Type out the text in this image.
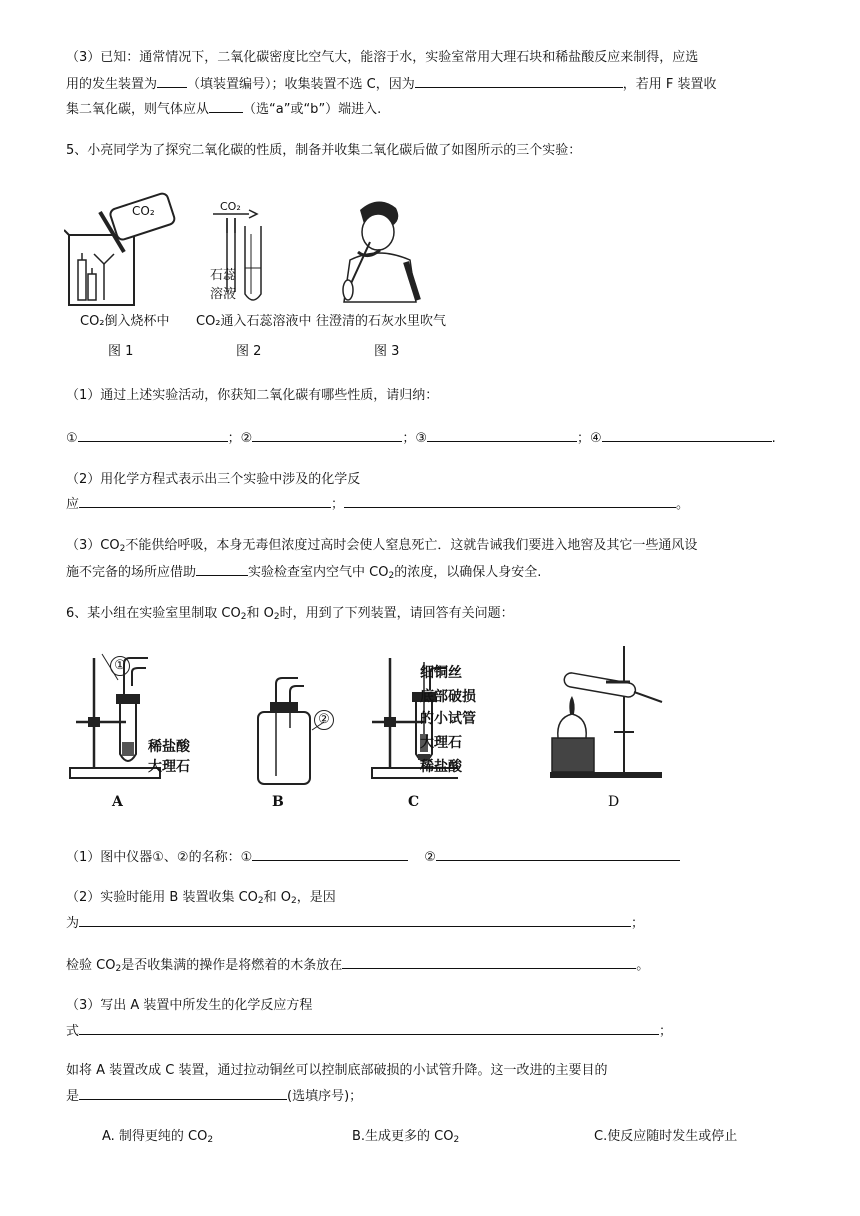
（3）已知：通常情况下，二氧化碳密度比空气大，能溶于水，实验室常用大理石块和稀盐酸反应来制得，应选
用的发生装置为 （填装置编号）；收集装置不选 C，因为	，若用 F 装置收
集二氧化碳，则气体应从	（选“a”或“b”）端进入.
5、小亮同学为了探究二氧化碳的性质，制备并收集二氧化碳后做了如图所示的三个实验：
CO₂
CO₂倒入烧杯中
图 1
CO₂
石蕊
溶液
CO₂通入石蕊溶液中
图 2
往澄清的石灰水里吹气
图 3
（1）通过上述实验活动，你获知二氧化碳有哪些性质，请归纳：
①	；②	；③	；④	.
（2）用化学方程式表示出三个实验中涉及的化学反
应	；	。
$(3)CO_2$不能供给呼吸，本身无毒但浓度过高时会使人窒息死亡．这就告诫我们要进入地窖及其它一些通风设
施不完备的场所应借助	实验检查室内空气中 $CO_2$的浓度，以确保人身安全.
6、某小组在实验室里制取 $CO_2$和 $O_2$时，用到了下列装置，请回答有关问题：
①
稀盐酸
大理石
A
②
B
细铜丝
底部破损
的小试管
大理石
稀盐酸
C	D
（1）图中仪器①、②的名称：①	②
（2）实验时能用 B 装置收集 $CO_2$和 $O_2$，是因
为	；
检验 $CO_2$是否收集满的操作是将燃着的木条放在	。
（3）写出 A 装置中所发生的化学反应方程
式	；
如将 A 装置改成 C 装置，通过拉动铜丝可以控制底部破损的小试管升降。这一改进的主要目的
是	(选填序号)；
A. 制得更纯的 $CO_2$	B.生成更多的 $CO_2$	C.使反应随时发生或停止
